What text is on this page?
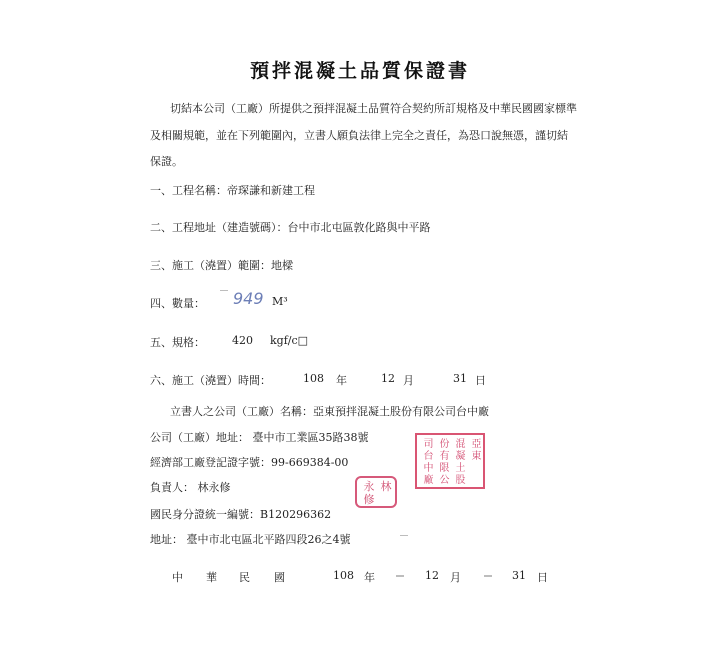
預拌混凝土品質保證書
切結本公司（工廠）所提供之預拌混凝土品質符合契約所訂規格及中華民國國家標準
及相關規範，並在下列範圍內，立書人願負法律上完全之責任，為恐口說無憑，謹切結
保證。
一、工程名稱：帝琛謙和新建工程
二、工程地址（建造號碼）：台中市北屯區敦化路與中平路
三、施工（澆置）範圍：地樑
四、數量： 949 M³
五、規格： 420 kgf/c□
六、施工（澆置）時間：	108 年	12 月	31 日
立書人之公司（工廠）名稱：亞東預拌混凝土股份有限公司台中廠
公司（工廠）地址： 臺中市工業區35路38號
經濟部工廠登記證字號：99-669384-00
負責人： 林永修
國民身分證統一編號：B120296362
地址： 臺中市北屯區北平路四段26之4號
亞東
混凝土股
份有限公
司台中廠
永修
林
中 華 民 國	108 年	12 月	31 日
